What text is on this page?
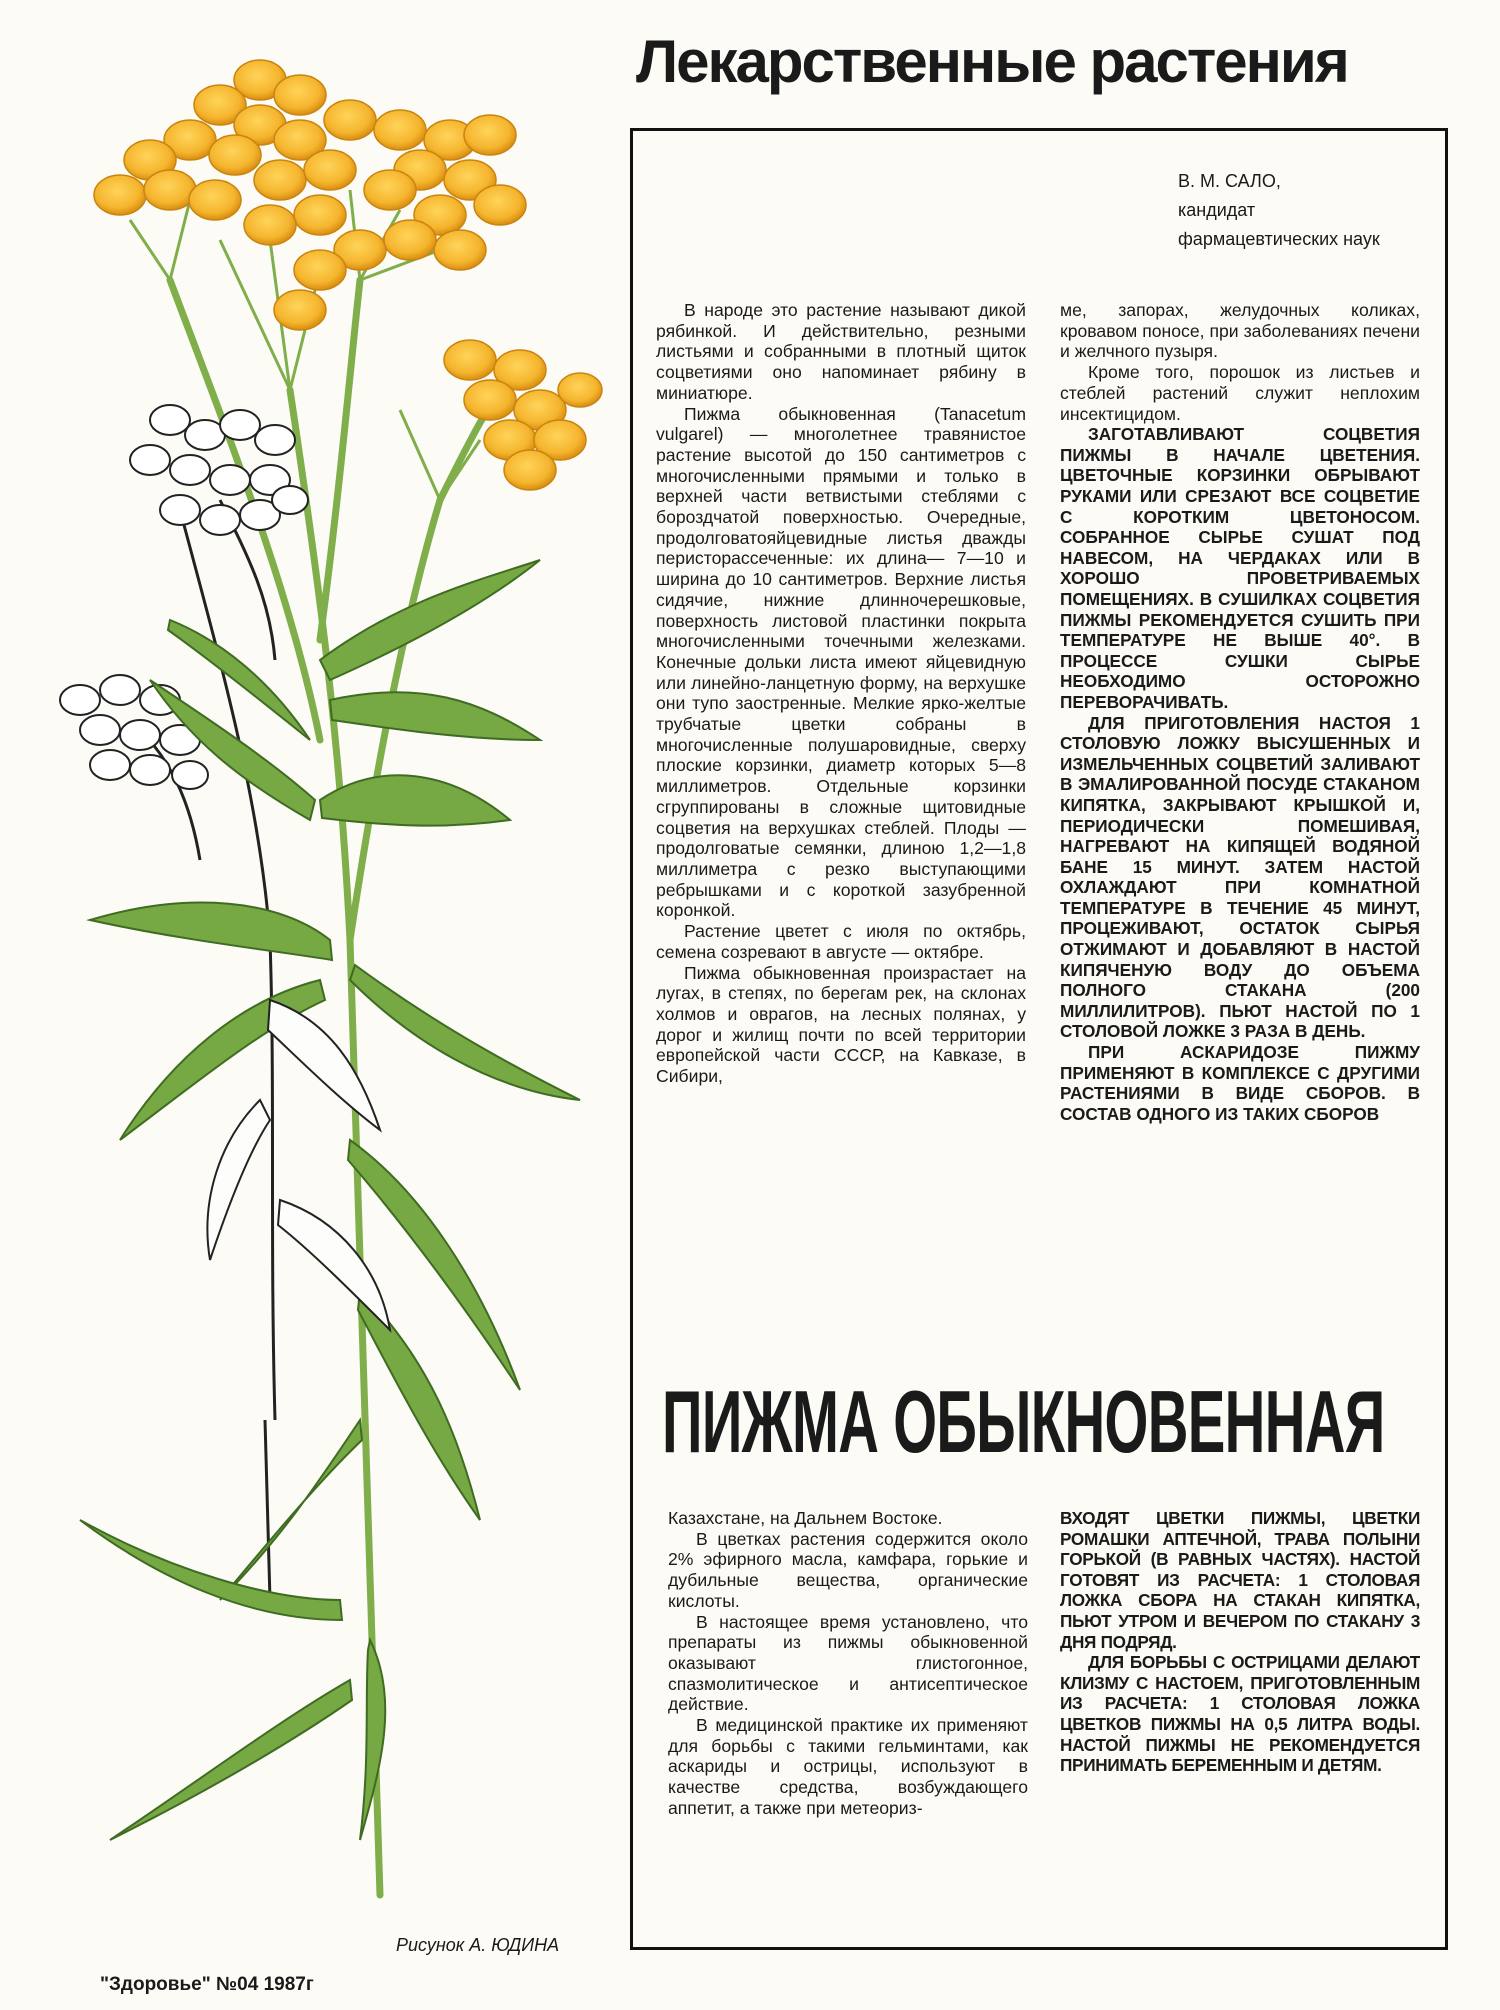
Лекарственные растения
В. М. САЛО,
кандидат
фармацевтических наук

В народе это растение называют дикой рябинкой. И действительно, резными листьями и собранными в плотный щиток соцветиями оно напоминает рябину в миниатюре.

Пижма обыкновенная (Tanacetum vulgarel) — многолетнее травянистое растение высотой до 150 сантиметров с многочисленными прямыми и только в верхней части ветвистыми стеблями с бороздчатой поверхностью. Очередные, продолговатояйцевидные листья дважды перисторассеченные: их длина— 7—10 и ширина до 10 сантиметров. Верхние листья сидячие, нижние длинночерешковые, поверхность листовой пластинки покрыта многочисленными точечными железками. Конечные дольки листа имеют яйцевидную или линейно-ланцетную форму, на верхушке они тупо заостренные. Мелкие ярко-желтые трубчатые цветки собраны в многочисленные полушаровидные, сверху плоские корзинки, диаметр которых 5—8 миллиметров. Отдельные корзинки сгруппированы в сложные щитовидные соцветия на верхушках стеблей. Плоды — продолговатые семянки, длиною 1,2—1,8 миллиметра с резко выступающими ребрышками и с короткой зазубренной коронкой.

Растение цветет с июля по октябрь, семена созревают в августе — октябре.

Пижма обыкновенная произрастает на лугах, в степях, по берегам рек, на склонах холмов и оврагов, на лесных полянах, у дорог и жилищ почти по всей территории европейской части СССР, на Кавказе, в Сибири,

ме, запорах, желудочных коликах, кровавом поносе, при заболеваниях печени и желчного пузыря.

Кроме того, порошок из листьев и стеблей растений служит неплохим инсектицидом.

ЗАГОТАВЛИВАЮТ СОЦВЕТИЯ ПИЖМЫ В НАЧАЛЕ ЦВЕТЕНИЯ. ЦВЕТОЧНЫЕ КОРЗИНКИ ОБРЫВАЮТ РУКАМИ ИЛИ СРЕЗАЮТ ВСЕ СОЦВЕТИЕ С КОРОТКИМ ЦВЕТОНОСОМ. СОБРАННОЕ СЫРЬЕ СУШАТ ПОД НАВЕСОМ, НА ЧЕРДАКАХ ИЛИ В ХОРОШО ПРОВЕТРИВАЕМЫХ ПОМЕЩЕНИЯХ. В СУШИЛКАХ СОЦВЕТИЯ ПИЖМЫ РЕКОМЕНДУЕТСЯ СУШИТЬ ПРИ ТЕМПЕРАТУРЕ НЕ ВЫШЕ 40°. В ПРОЦЕССЕ СУШКИ СЫРЬЕ НЕОБХОДИМО ОСТОРОЖНО ПЕРЕВОРАЧИВАТЬ.

ДЛЯ ПРИГОТОВЛЕНИЯ НАСТОЯ 1 СТОЛОВУЮ ЛОЖКУ ВЫСУШЕННЫХ И ИЗМЕЛЬЧЕННЫХ СОЦВЕТИЙ ЗАЛИВАЮТ В ЭМАЛИРОВАННОЙ ПОСУДЕ СТАКАНОМ КИПЯТКА, ЗАКРЫВАЮТ КРЫШКОЙ И, ПЕРИОДИЧЕСКИ ПОМЕШИВАЯ, НАГРЕВАЮТ НА КИПЯЩЕЙ ВОДЯНОЙ БАНЕ 15 МИНУТ. ЗАТЕМ НАСТОЙ ОХЛАЖДАЮТ ПРИ КОМНАТНОЙ ТЕМПЕРАТУРЕ В ТЕЧЕНИЕ 45 МИНУТ, ПРОЦЕЖИВАЮТ, ОСТАТОК СЫРЬЯ ОТЖИМАЮТ И ДОБАВЛЯЮТ В НАСТОЙ КИПЯЧЕНУЮ ВОДУ ДО ОБЪЕМА ПОЛНОГО СТАКАНА (200 МИЛЛИЛИТРОВ). ПЬЮТ НАСТОЙ ПО 1 СТОЛОВОЙ ЛОЖКЕ 3 РАЗА В ДЕНЬ.

ПРИ АСКАРИДОЗЕ ПИЖМУ ПРИМЕНЯЮТ В КОМПЛЕКСЕ С ДРУГИМИ РАСТЕНИЯМИ В ВИДЕ СБОРОВ. В СОСТАВ ОДНОГО ИЗ ТАКИХ СБОРОВ

ПИЖМА ОБЫКНОВЕННАЯ

Казахстане, на Дальнем Востоке.

В цветках растения содержится около 2% эфирного масла, камфара, горькие и дубильные вещества, органические кислоты.

В настоящее время установлено, что препараты из пижмы обыкновенной оказывают глистогонное, спазмолитическое и антисептическое действие.

В медицинской практике их применяют для борьбы с такими гельминтами, как аскариды и острицы, используют в качестве средства, возбуждающего аппетит, а также при метеориз-

ВХОДЯТ ЦВЕТКИ ПИЖМЫ, ЦВЕТКИ РОМАШКИ АПТЕЧНОЙ, ТРАВА ПОЛЫНИ ГОРЬКОЙ (В РАВНЫХ ЧАСТЯХ). НАСТОЙ ГОТОВЯТ ИЗ РАСЧЕТА: 1 СТОЛОВАЯ ЛОЖКА СБОРА НА СТАКАН КИПЯТКА, ПЬЮТ УТРОМ И ВЕЧЕРОМ ПО СТАКАНУ 3 ДНЯ ПОДРЯД.

ДЛЯ БОРЬБЫ С ОСТРИЦАМИ ДЕЛАЮТ КЛИЗМУ С НАСТОЕМ, ПРИГОТОВЛЕННЫМ ИЗ РАСЧЕТА: 1 СТОЛОВАЯ ЛОЖКА ЦВЕТКОВ ПИЖМЫ НА 0,5 ЛИТРА ВОДЫ. НАСТОЙ ПИЖМЫ НЕ РЕКОМЕНДУЕТСЯ ПРИНИМАТЬ БЕРЕМЕННЫМ И ДЕТЯМ.

Рисунок А. ЮДИНА
"Здоровье" №04 1987г
